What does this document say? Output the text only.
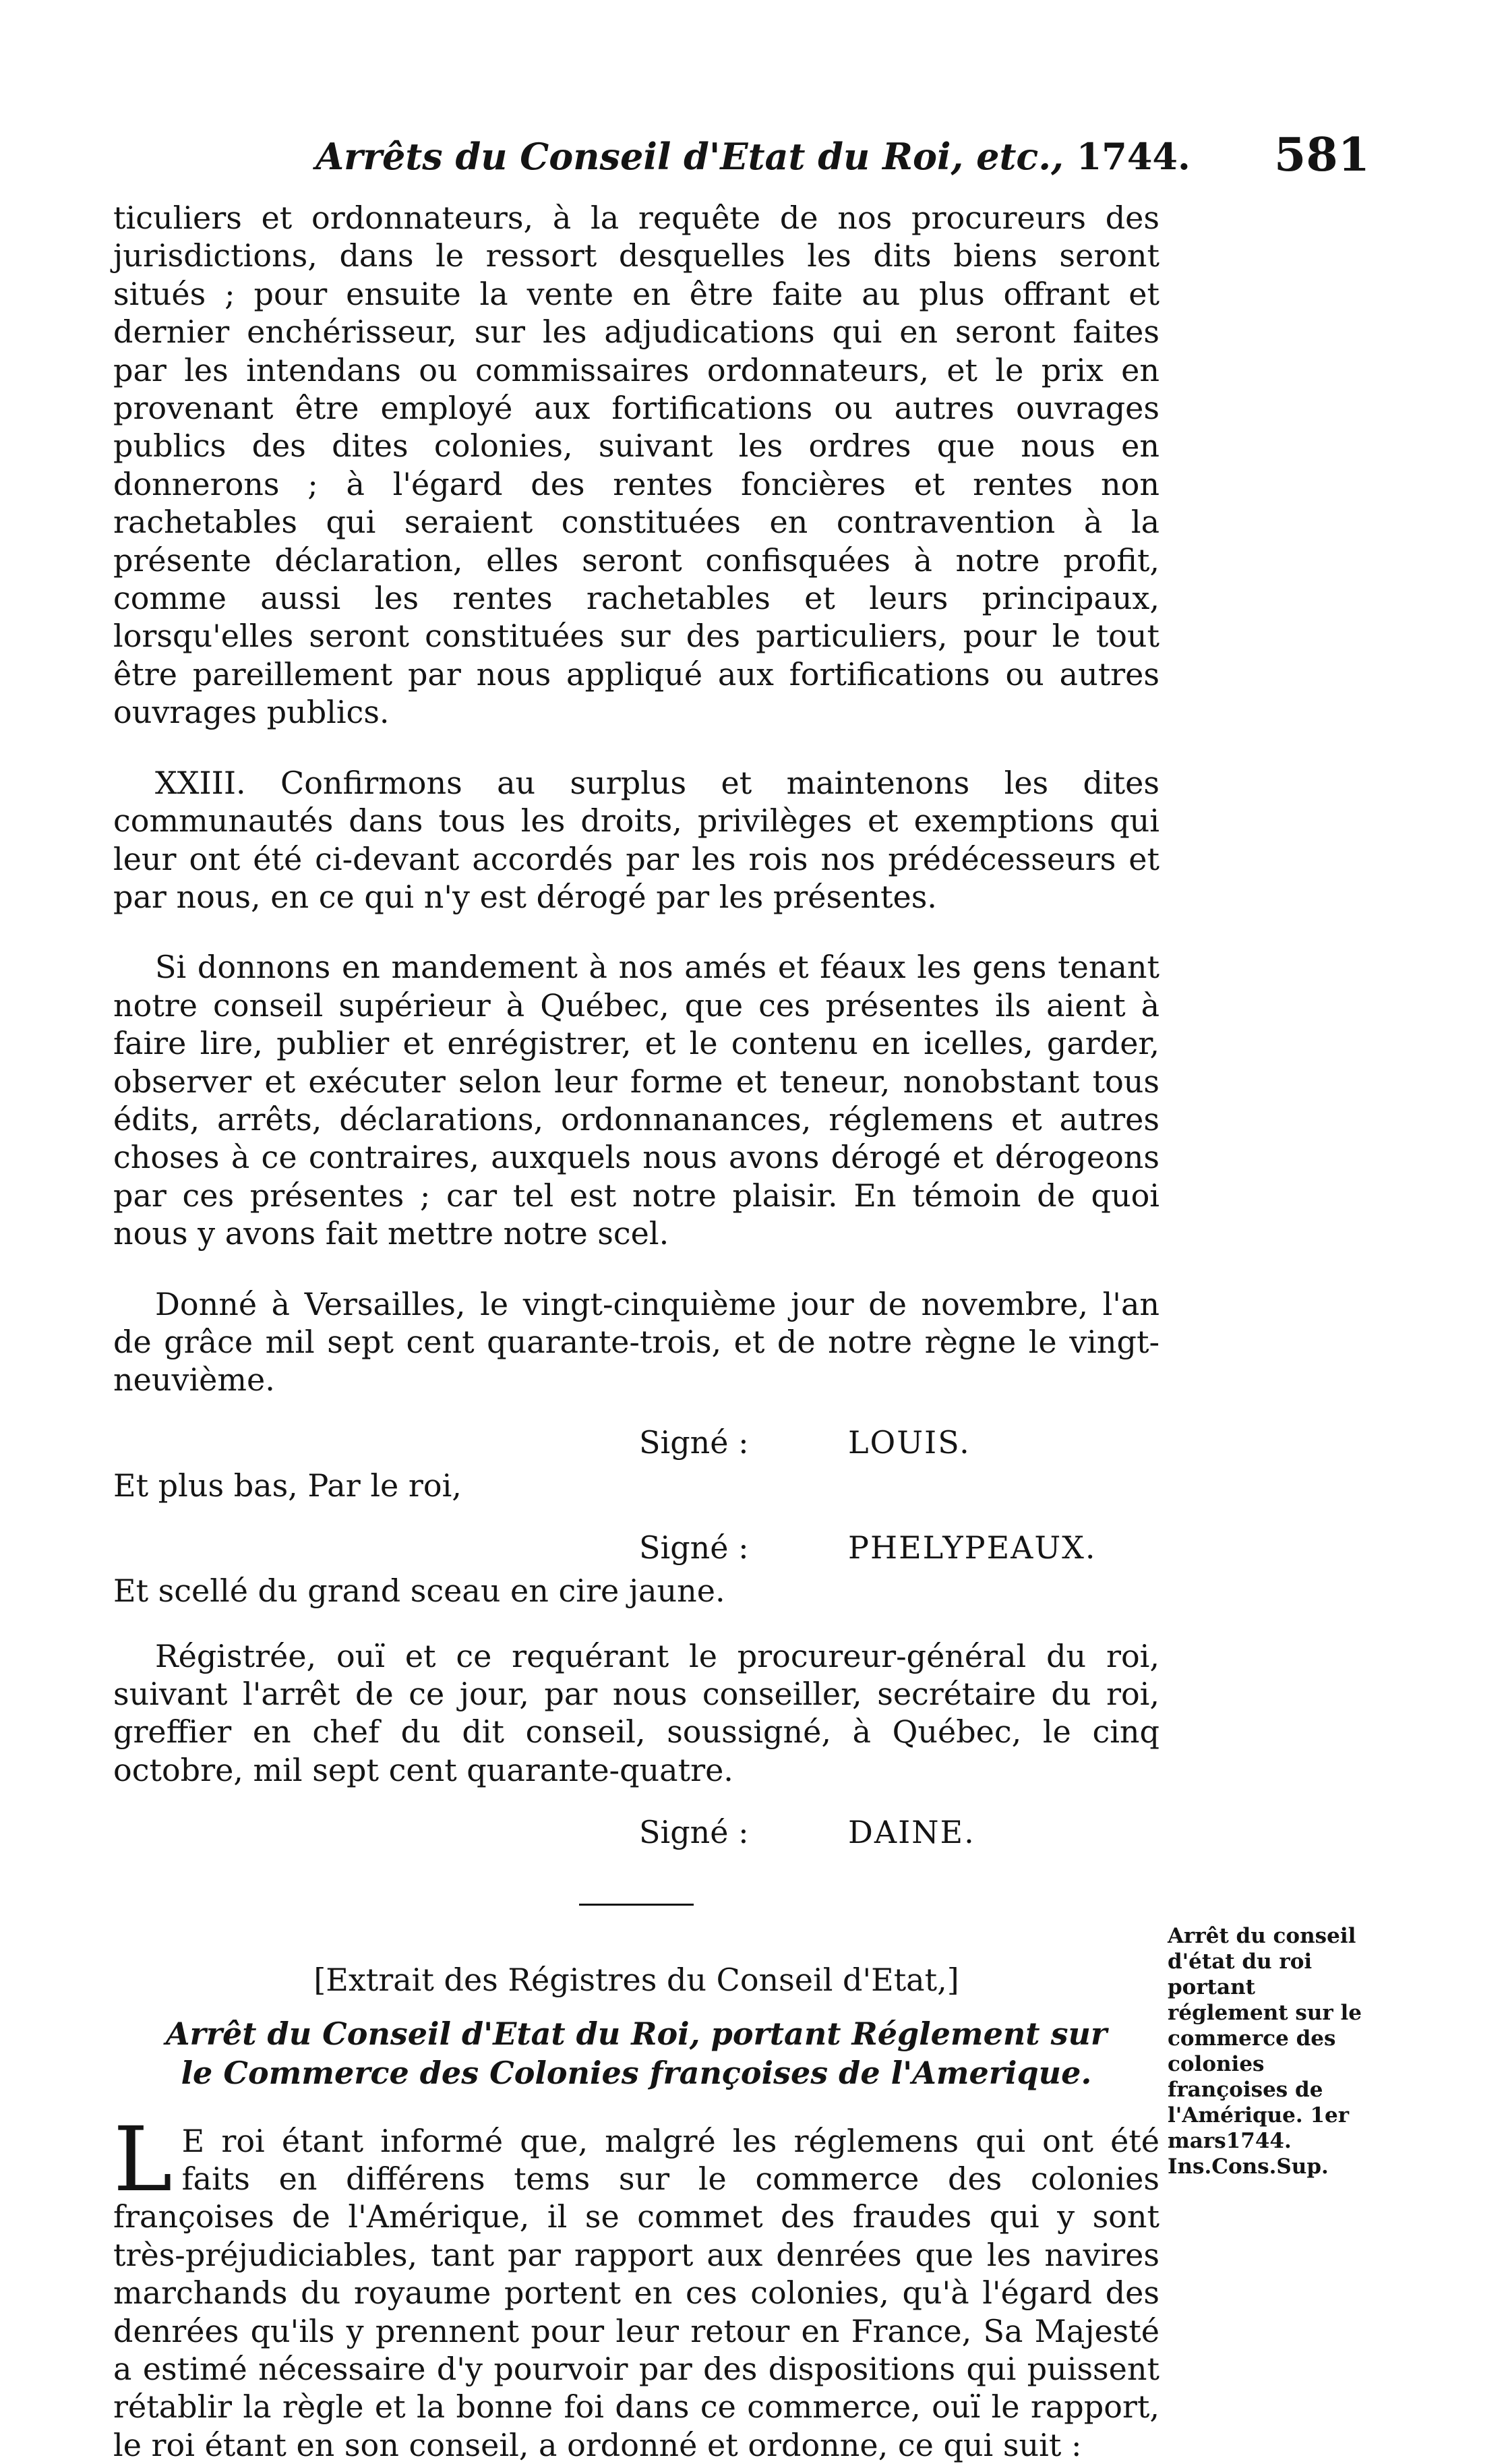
Arrêts du Conseil d'Etat du Roi, etc., 1744.	581

ticuliers et ordonnateurs, à la requête de nos procureurs des jurisdictions, dans le ressort desquelles les dits biens seront situés ; pour ensuite la vente en être faite au plus offrant et dernier enchérisseur, sur les adjudications qui en seront faites par les intendans ou commissaires ordonnateurs, et le prix en provenant être employé aux fortifications ou autres ouvrages publics des dites colonies, suivant les ordres que nous en donnerons ; à l'égard des rentes foncières et rentes non rachetables qui seraient constituées en contravention à la présente déclaration, elles seront confisquées à notre profit, comme aussi les rentes rachetables et leurs principaux, lorsqu'elles seront constituées sur des particuliers, pour le tout être pareillement par nous appliqué aux fortifications ou autres ouvrages publics.

XXIII. Confirmons au surplus et maintenons les dites communautés dans tous les droits, privilèges et exemptions qui leur ont été ci-devant accordés par les rois nos prédécesseurs et par nous, en ce qui n'y est dérogé par les présentes.

Si donnons en mandement à nos amés et féaux les gens tenant notre conseil supérieur à Québec, que ces présentes ils aient à faire lire, publier et enrégistrer, et le contenu en icelles, garder, observer et exécuter selon leur forme et teneur, nonobstant tous édits, arrêts, déclarations, ordonnanances, réglemens et autres choses à ce contraires, auxquels nous avons dérogé et dérogeons par ces présentes ; car tel est notre plaisir. En témoin de quoi nous y avons fait mettre notre scel.

Donné à Versailles, le vingt-cinquième jour de novembre, l'an de grâce mil sept cent quarante-trois, et de notre règne le vingt-neuvième.

Signé :	LOUIS.

Et plus bas, Par le roi,

Signé :	PHELYPEAUX.

Et scellé du grand sceau en cire jaune.

Régistrée, ouï et ce requérant le procureur-général du roi, suivant l'arrêt de ce jour, par nous conseiller, secrétaire du roi, greffier en chef du dit conseil, soussigné, à Québec, le cinq octobre, mil sept cent quarante-quatre.

Signé :	DAINE.

[Extrait des Régistres du Conseil d'Etat,]

Arrêt du Conseil d'Etat du Roi, portant Réglement sur le Commerce des Colonies françoises de l'Amerique.

L E roi étant informé que, malgré les réglemens qui ont été faits en différens tems sur le commerce des colonies françoises de l'Amérique, il se commet des fraudes qui y sont très-préjudiciables, tant par rapport aux denrées que les navires marchands du royaume portent en ces colonies, qu'à l'égard des denrées qu'ils y prennent pour leur retour en France, Sa Majesté a estimé nécessaire d'y pourvoir par des dispositions qui puissent rétablir la règle et la bonne foi dans ce commerce, ouï le rapport, le roi étant en son conseil, a ordonné et ordonne, ce qui suit :

Arrêt du conseil d'état du roi portant réglement sur le commerce des colonies françoises de l'Amérique. 1er mars1744. Ins.Cons.Sup.
